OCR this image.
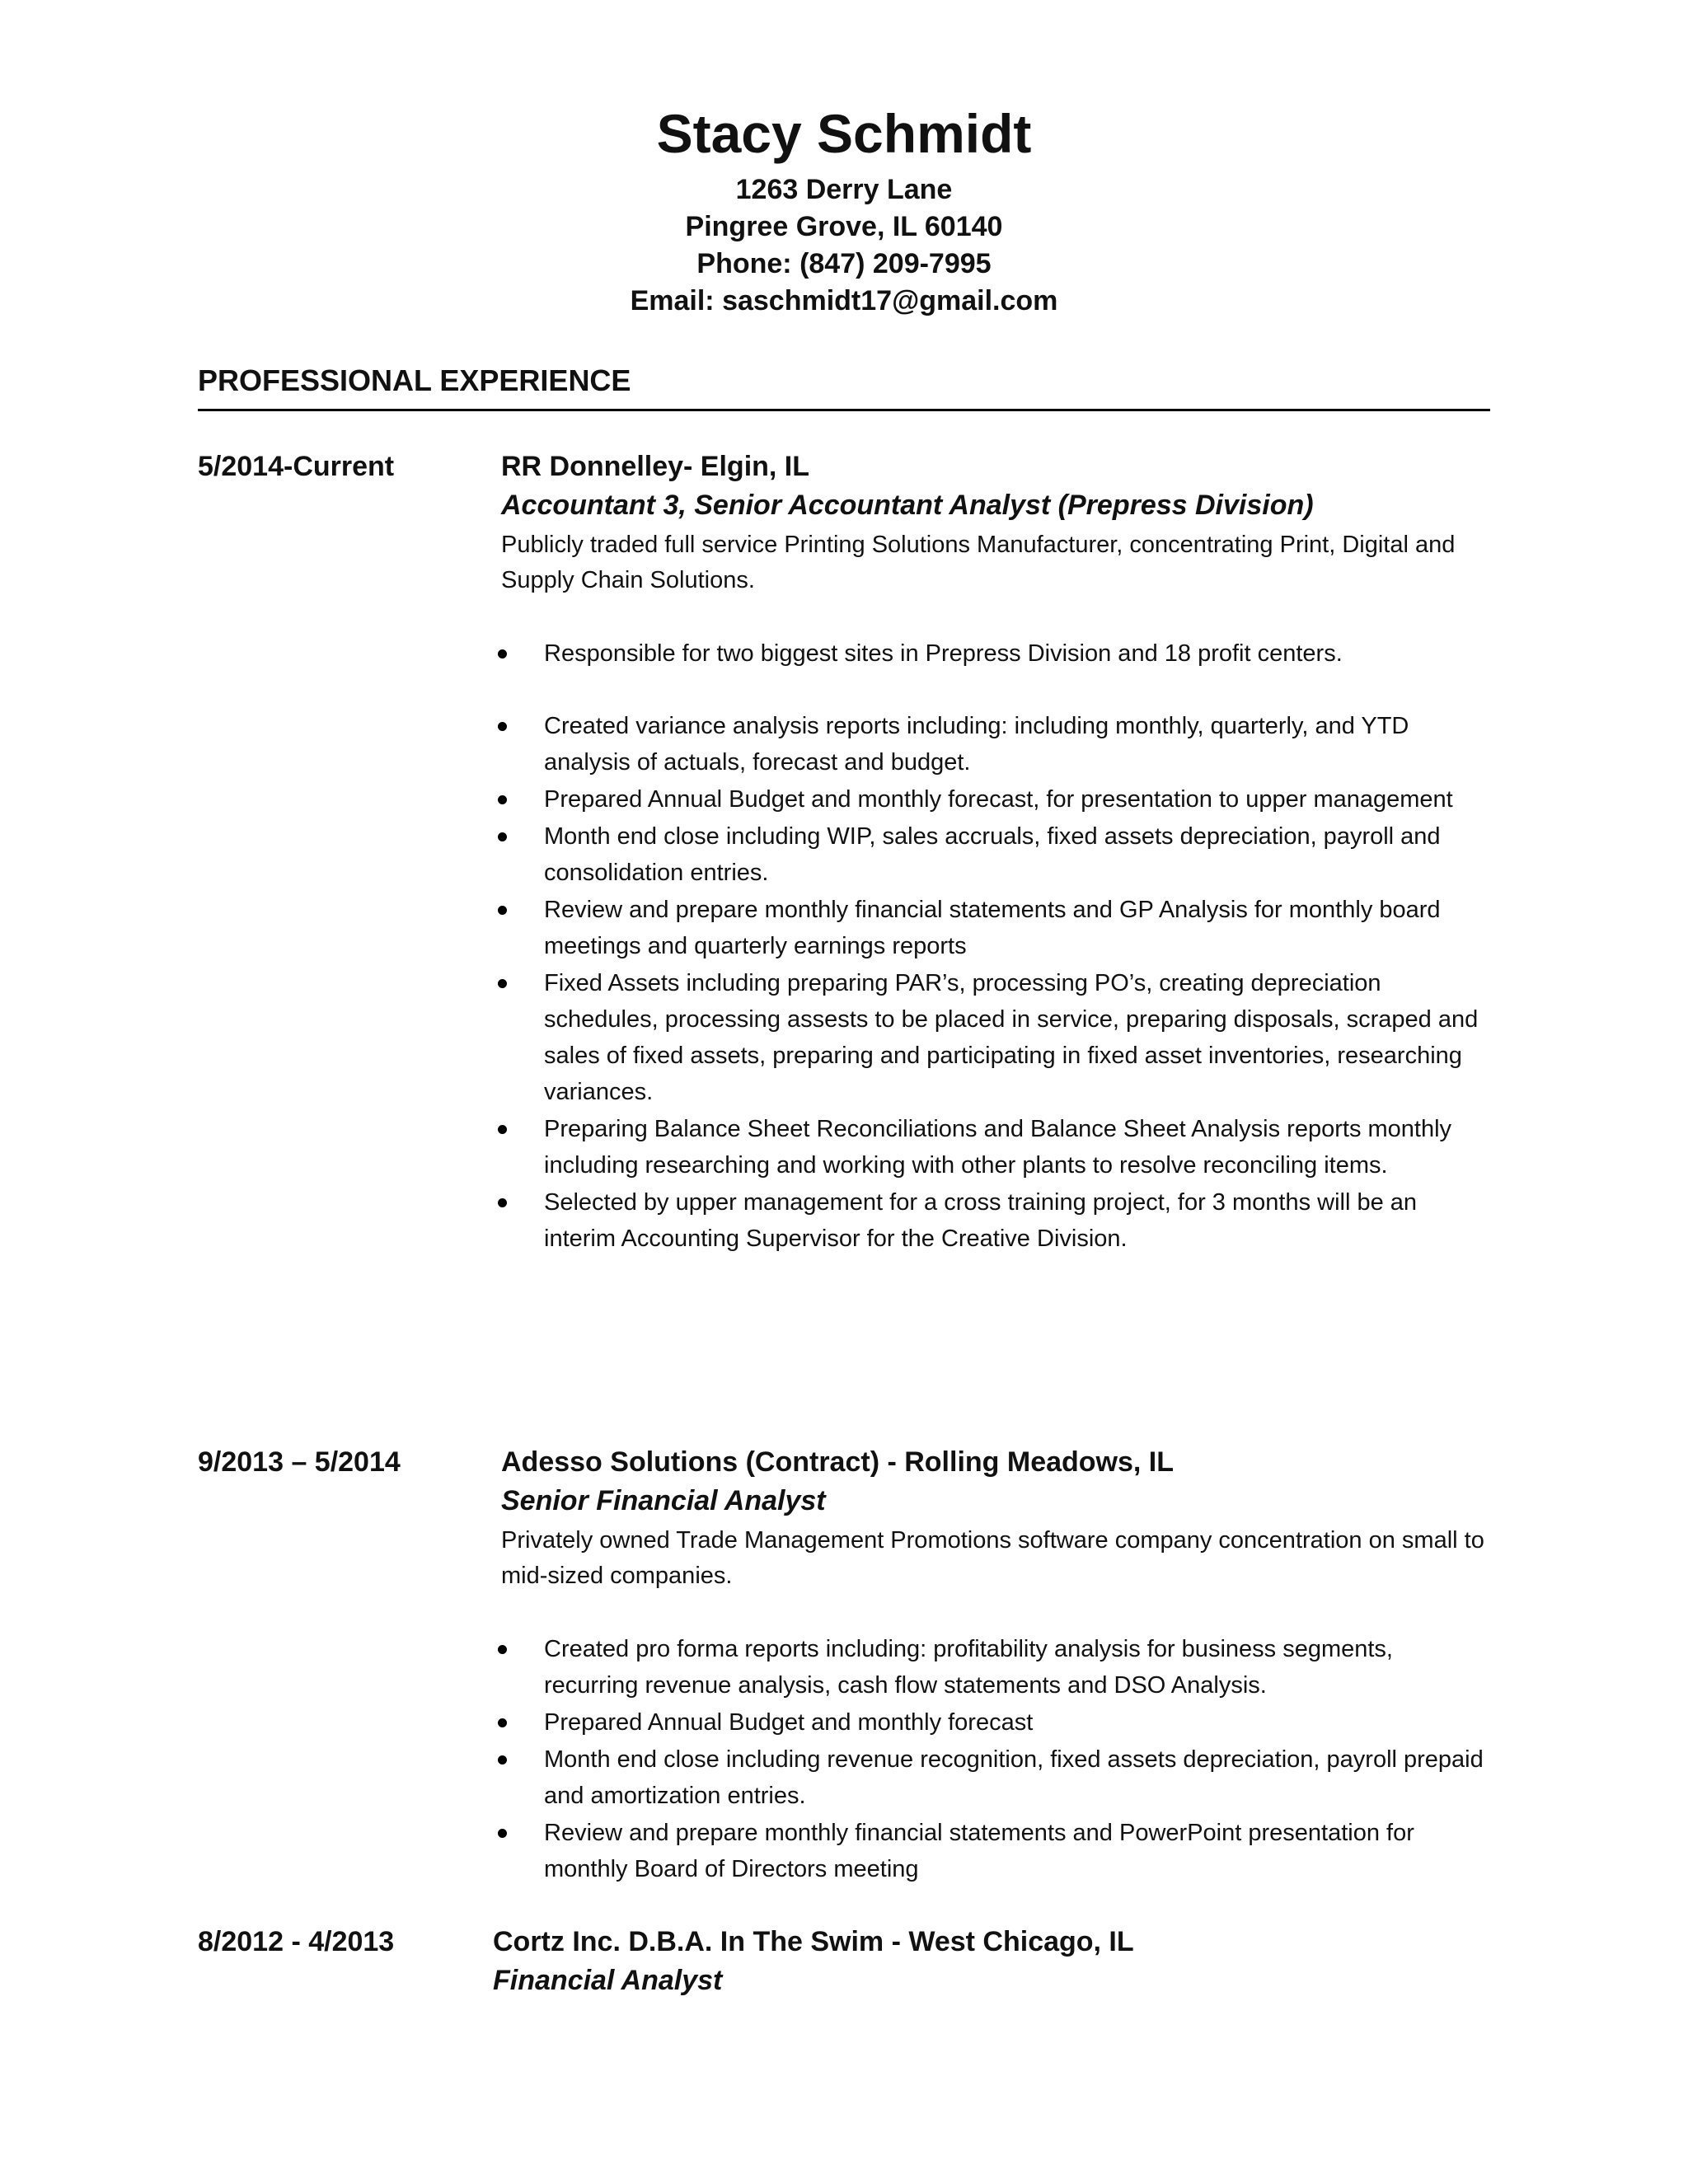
Stacy Schmidt
1263 Derry Lane
Pingree Grove, IL 60140
Phone: (847) 209-7995
Email: saschmidt17@gmail.com
PROFESSIONAL EXPERIENCE
5/2014-Current	RR Donnelley- Elgin, IL
Accountant 3, Senior Accountant Analyst (Prepress Division)
Publicly traded full service Printing Solutions Manufacturer, concentrating Print, Digital and Supply Chain Solutions.
Responsible for two biggest sites in Prepress Division and 18 profit centers.
Created variance analysis reports including: including monthly, quarterly, and YTD analysis of actuals, forecast and budget.
Prepared Annual Budget and monthly forecast, for presentation to upper management
Month end close including WIP, sales accruals, fixed assets depreciation, payroll and consolidation entries.
Review and prepare monthly financial statements and GP Analysis for monthly board meetings and quarterly earnings reports
Fixed Assets including preparing PAR’s, processing PO’s, creating depreciation schedules, processing assests to be placed in service, preparing disposals, scraped and sales of fixed assets, preparing and participating in fixed asset inventories, researching variances.
Preparing Balance Sheet Reconciliations and Balance Sheet Analysis reports monthly including researching and working with other plants to resolve reconciling items.
Selected by upper management for a cross training project, for 3 months will be an interim Accounting Supervisor for the Creative Division.
9/2013 – 5/2014	Adesso Solutions (Contract) - Rolling Meadows, IL
Senior Financial Analyst
Privately owned Trade Management Promotions software company concentration on small to mid-sized companies.
Created pro forma reports including: profitability analysis for business segments, recurring revenue analysis, cash flow statements and DSO Analysis.
Prepared Annual Budget and monthly forecast
Month end close including revenue recognition, fixed assets depreciation, payroll prepaid and amortization entries.
Review and prepare monthly financial statements and PowerPoint presentation for monthly Board of Directors meeting
8/2012 - 4/2013	Cortz Inc. D.B.A. In The Swim - West Chicago, IL
Financial Analyst
